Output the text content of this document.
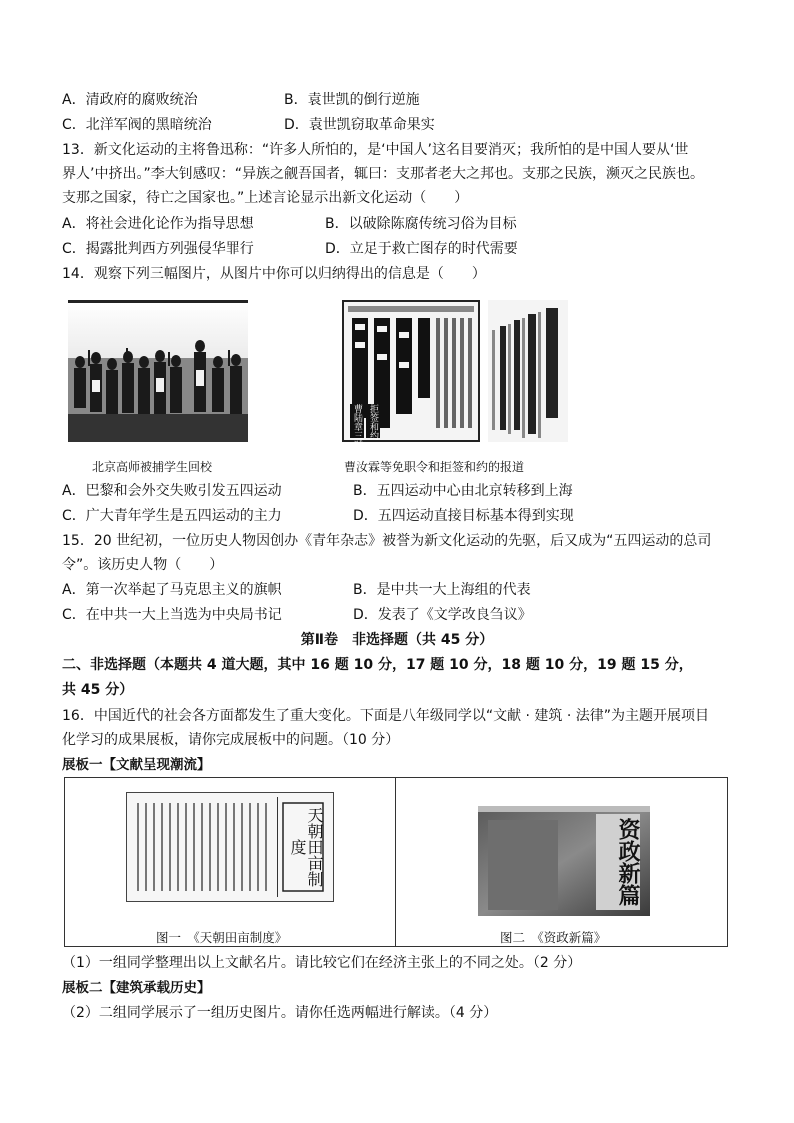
A．清政府的腐败统治	B．袁世凯的倒行逆施
C．北洋军阀的黑暗统治	D．袁世凯窃取革命果实
13．新文化运动的主将鲁迅称：“许多人所怕的，是‘中国人’这名目要消灭；我所怕的是中国人要从‘世
界人’中挤出。”李大钊感叹：“异族之觎吾国者，辄曰：支那者老大之邦也。支那之民族，濒灭之民族也。
支那之国家，待亡之国家也。”上述言论显示出新文化运动（　　）
A．将社会进化论作为指导思想	B．以破除陈腐传统习俗为目标
C．揭露批判西方列强侵华罪行	D．立足于救亡图存的时代需要
14．观察下列三幅图片，从图片中你可以归纳得出的信息是（　　）
北京高师被捕学生回校	曹汝霖等免职令和拒签和约的报道
A．巴黎和会外交失败引发五四运动	B．五四运动中心由北京转移到上海
C．广大青年学生是五四运动的主力	D．五四运动直接目标基本得到实现
15．20 世纪初，一位历史人物因创办《青年杂志》被誉为新文化运动的先驱，后又成为“五四运动的总司
令”。该历史人物（　　）
A．第一次举起了马克思主义的旗帜	B．是中共一大上海组的代表
C．在中共一大上当选为中央局书记	D．发表了《文学改良刍议》
第Ⅱ卷　非选择题（共 45 分）
二、非选择题（本题共 4 道大题，其中 16 题 10 分，17 题 10 分，18 题 10 分，19 题 15 分，
共 45 分）
16．中国近代的社会各方面都发生了重大变化。下面是八年级同学以“文献 · 建筑 · 法律”为主题开展项目
化学习的成果展板，请你完成展板中的问题。（10 分）
展板一【文献呈现潮流】
天朝田亩制度
图一　《天朝田亩制度》
资政新篇
图二　《资政新篇》
（1）一组同学整理出以上文献名片。请比较它们在经济主张上的不同之处。（2 分）
展板二【建筑承载历史】
（2）二组同学展示了一组历史图片。请你任选两幅进行解读。（4 分）
曹陆章三贼免职 拒签和约
